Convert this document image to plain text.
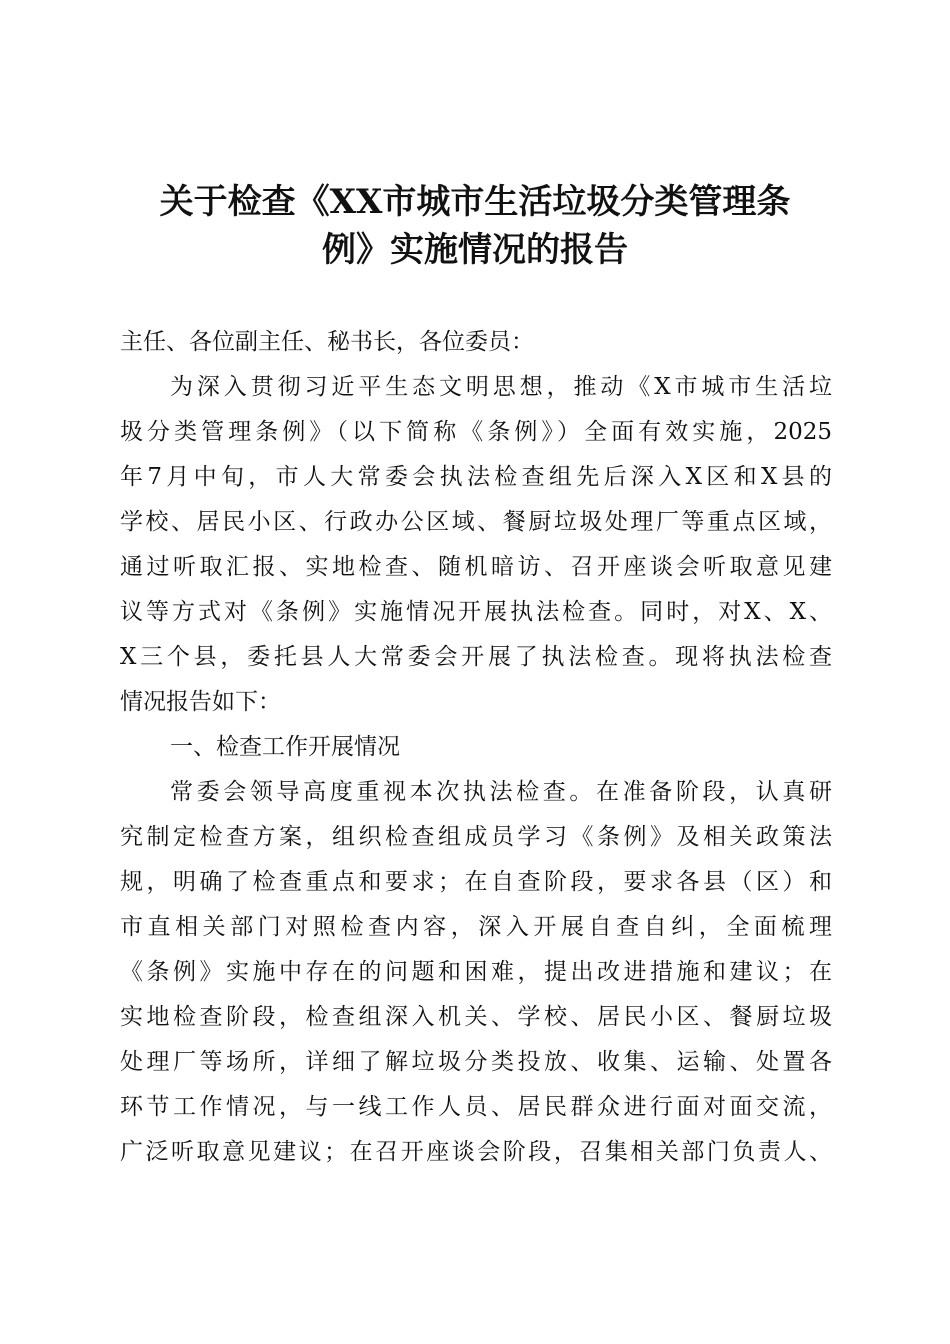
关于检查《XX市城市生活垃圾分类管理条
例》实施情况的报告
主任、各位副主任、秘书长，各位委员：
为深入贯彻习近平生态文明思想，推动《X市城市生活垃
圾分类管理条例》（以下简称《条例》）全面有效实施，2025
年7月中旬，市人大常委会执法检查组先后深入X区和X县的
学校、居民小区、行政办公区域、餐厨垃圾处理厂等重点区域，
通过听取汇报、实地检查、随机暗访、召开座谈会听取意见建
议等方式对《条例》实施情况开展执法检查。同时，对X、X、
X三个县，委托县人大常委会开展了执法检查。现将执法检查
情况报告如下：
一、检查工作开展情况
常委会领导高度重视本次执法检查。在准备阶段，认真研
究制定检查方案，组织检查组成员学习《条例》及相关政策法
规，明确了检查重点和要求；在自查阶段，要求各县（区）和
市直相关部门对照检查内容，深入开展自查自纠，全面梳理
《条例》实施中存在的问题和困难，提出改进措施和建议；在
实地检查阶段，检查组深入机关、学校、居民小区、餐厨垃圾
处理厂等场所，详细了解垃圾分类投放、收集、运输、处置各
环节工作情况，与一线工作人员、居民群众进行面对面交流，
广泛听取意见建议；在召开座谈会阶段，召集相关部门负责人、
